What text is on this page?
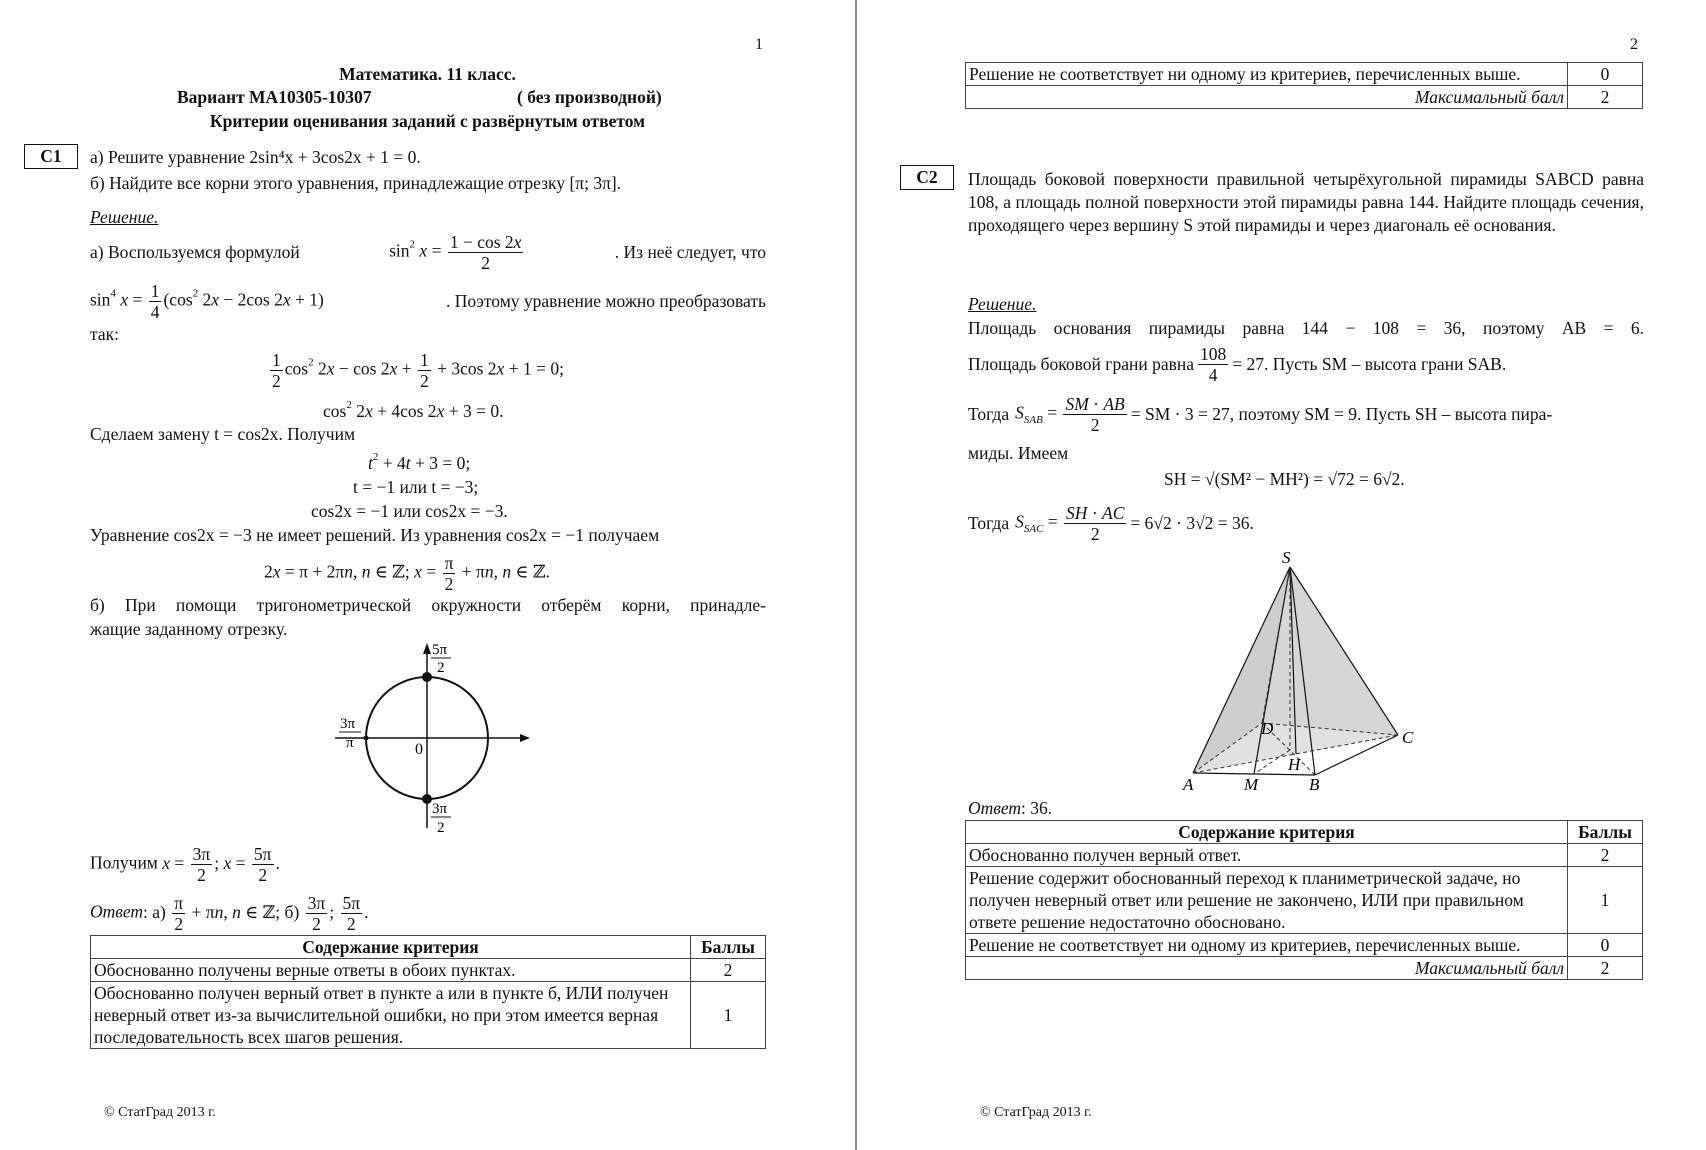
1
Математика. 11 класс.
Вариант МА10305-10307	( без производной)
Критерии оценивания заданий с развёрнутым ответом
С1	а) Решите уравнение 2sin⁴x + 3cos2x + 1 = 0.
б) Найдите все корни этого уравнения, принадлежащие отрезку [π; 3π].
Решение.
а) Воспользуемся формулой	$\sin^2 x = \frac{1 - \cos 2x}{2}$	. Из неё следует, что
$\sin^4 x = \frac{1}{4} (\cos^2$ 2x − 2cos 2x + 1)	. Поэтому уравнение можно преобразовать
так:
$\frac{1}{2} \cos^2 2x - \cos 2x + \frac{1}{2} + 3\cos$ 2x + 1 = 0;
$\cos^2 2x + 4\cos$ 2x + 3 = 0.
Сделаем замену t = cos2x. Получим
$t^2 + 4t + 3 = 0$;
t = −1 или t = −3;
cos2x = −1 или cos2x = −3.
Уравнение cos2x = −3 не имеет решений. Из уравнения cos2x = −1 получаем
2x = π + 2πn, n ∈ ℤ; $x = \frac{\pi}{2} + \pi n$, n ∈ ℤ.
б) При помощи тригонометрической окружности отберём корни, принадле-
жащие заданному отрезку.
5π
2
3π
π	0
3π
2
Получим $x = \frac{3\pi}{2}$ ; $x = \frac{5\pi}{2}$ .
Ответ: $а) \frac{\pi}{2} + \pi n$, n ∈ ℤ; $б) \frac{3\pi}{2}$ ; $\frac{5\pi}{2}$ .
Содержание критерия	Баллы
Обоснованно получены верные ответы в обоих пунктах.	2
Обоснованно получен верный ответ в пункте а или в пункте б, ИЛИ получен неверный ответ из-за вычислительной ошибки, но при этом имеется верная последовательность всех шагов решения.	1
© СтатГрад 2013 г.
2
Решение не соответствует ни одному из критериев, перечисленных выше.	0
Максимальный балл	2
С2	Площадь боковой поверхности правильной четырёхугольной пирамиды SABCD равна 108, а площадь полной поверхности этой пирамиды равна 144. Найдите площадь сечения, проходящего через вершину S этой пирамиды и через диагональ её основания.
Решение.
Площадь основания пирамиды равна 144 − 108 = 36, поэтому AB = 6.
Площадь боковой грани равна $\frac{108}{4} = 27$. Пусть SM – высота грани SAB.
Тогда $S_{SAB} = \frac{SM \cdot AB}{2}$ = SM · 3 = 27, поэтому SM = 9. Пусть SH – высота пира-
миды. Имеем
SH = √(SM² − MH²) = √72 = 6√2.
Тогда $S_{SAC} = \frac{SH \cdot AC}{2} = 6√2 \cdot 3√2 = 36$.
S
A	M	B
C
D
H
Ответ: 36.
Содержание критерия	Баллы
Обоснованно получен верный ответ.	2
Решение содержит обоснованный переход к планиметрической задаче, но получен неверный ответ или решение не закончено, ИЛИ при правильном ответе решение недостаточно обосновано.	1
Решение не соответствует ни одному из критериев, перечисленных выше.	0
Максимальный балл	2
© СтатГрад 2013 г.
